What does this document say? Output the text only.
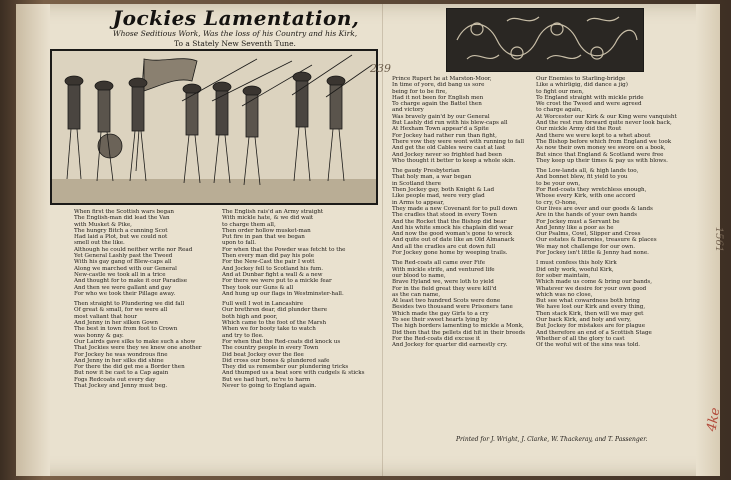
Jockies Lamentation,
Whose Seditious Work, Was the loss of his Country and his Kirk,
To a Stately New Seventh Tune.
239

When first the Scottish wars began

The English-man did lead the Van

with Musket & Pike,

The hungry Bitch a cunning Scot

Had laid a Plot, but we could not

smell out the like.

Although he could neither write nor Read

Yet General Lashly past the Tweed

With his gay gang of Blew-caps all

Along we marched with our General

New-castle we took all in a trice

And thought for to make it our Paradise

And then we were gallant and gay

For who we took their Pillage away.

Then straight to Plundering we did fall

Of great & small, for we were all

most valiant that hour

And Jenny in her silken Gown

The best in town from foot to Crown

was bonny & gay.

Our Lairds gave silks to make such a show

That Jockies were they we knew one another

For Jockey he was wondrous fine

And Jenny in her silks did shine

For there the did get me a Border then

But now it be cast to a Cap again

Fogs Redcoats out every day

That Jockey and Jenny must beg.

The English rais'd an Army straight

With mickle hate, & we did wait

to charge them all,

Then order hollow musket-man

Put fire in pan that we began

upon to fall.

For when that the Powder was fetcht to the

Then every man did pay his pole

For the New-Cast the pair I wott

And Jockey fell to Scotland his fum.

And at Dunbar fight a wall & a new

For there we were put to a mickle fear

They took our Guns & all

And hung up our flags in Westminster-hall.

Full well I wot in Lancashire

Our brethren dear, did plunder there

both high and poor,

Which came to the foot of the Marsh

When we for booty take to watch

and try to flee.

For when that the Red-coats did knock us

The country people in every Town

Did beat Jockey over the flee

Did cross our bones & plundered safe

They did us remember our plundering tricks

And thumped us a beat sore with cudgels & sticks

But we had hurt, ne're to harm

Never to going to England again.

Prince Rupert he at Marston-Moor,

In time of yore, did bang us sore

being for to be fire,

Had it not been for English men

To charge again the Battel then

and victory

Was bravely gain'd by our General

But Lashly did run with his blew-caps all

At Hexham Town appear'd a Spite

For Jockey had rather run than fight,

There vow they were wont with running to fall

And get the old Cables were cast at last

And Jockey never so frighted had been

Who thought it better to keep a whole skin.

The gaudy Presbyterian

That holy man, a war began

in Scotland there

Then Jockey gay, both Knight & Lad

Like people mad, were very glad

in Arms to appear,

They made a new Covenant for to pull down

The cradles that stood in every Town

And the Rocket that the Bishop did bear

And his white smock his chaplain did wear

And now the good woman's gone to wreck

And quite out of date like an Old Almanack

And all the cradles are cut down full

For Jockey gone home by weeping trails.

The Red-coats all came over Fife

With mickle strife, and ventured life

our blood to name,

Brave Hyland we, were loth to yield

For in the field great they were kill'd

as the can name,

At least two hundred Scots were done

Besides two thousand were Prisoners tane

Which made the gay Girls to a cry

To see their sweet hearts lying by

The high borders lamenting to mickle a Monk,

Did then that the pellets did hit in their breeds

For the Red-coats did excuse it

And Jockey for quarter did earnestly cry.

Our Enemies to Starling-bridge

Like a whirligig, did dance a jig)

to fight our men,

To England straight with mickle pride

We crost the Tweed and were agreed

to charge again,

At Worcester our Kirk & our King were vanquisht

And the rest run forward quite never look back,

Our mickle Army did the Rout

And there we were kept to a whet about

The Bishop before which from England we took

As now their own money we swore on a book,

But since that England & Scotland were free

They keep up their times & pay us with blows.

The Low-lands all, & high lands too,

And bonnet blew, fit yield to you

to be your own,

For Red-coats they wretchless enough,

Whose every Kirk, with one accord

to cry, O-hone,

Our lives are over and our goods & lands

Are in the hands of your own hands

For Jockey must a Servant be

And Jenny like a poor as he

Our Psalms, Cowl, Slipper and Cross

Our estates & Baronies, treasure & places

We may not challenge for our own.

For Jockey isn't little & Jenny had none.

I must confess this holy Kirk

Did only work, woeful Kirk,

for sober maintain,

Which made us come & bring our bands,

Whatever we desire for your own good

which was no close,

But see what cowardness both bring

We have lost our Kirk and every thing,

Then stack Kirk, then will we may get

Our back Kirk, and holy and very,

But Jockey for mistakes are for plague

And therefore an end of a Scottish Stage

Whether of all the glory to cast

Of the woful wit of the sins was told.

Printed for J. Wright, J. Clarke, W. Thackeray, and T. Passenger.
1561
4ke
